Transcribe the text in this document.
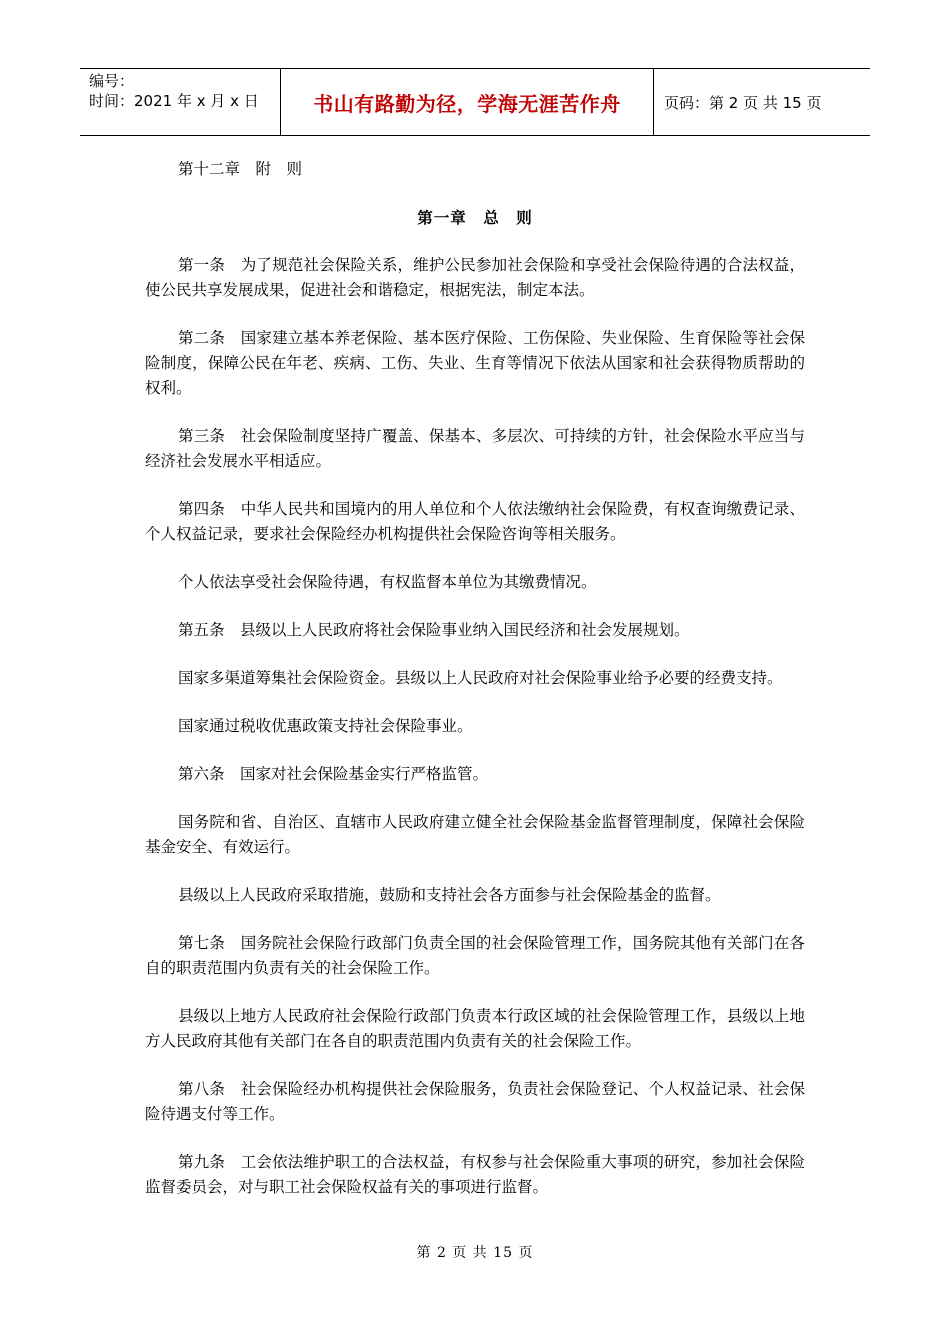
编号：
时间：2021 年 x 月 x 日	书山有路勤为径，学海无涯苦作舟	页码：第 2 页 共 15 页

第十二章　附　则

第一章　总　则

第一条　为了规范社会保险关系，维护公民参加社会保险和享受社会保险待遇的合法权益，使公民共享发展成果，促进社会和谐稳定，根据宪法，制定本法。

第二条　国家建立基本养老保险、基本医疗保险、工伤保险、失业保险、生育保险等社会保险制度，保障公民在年老、疾病、工伤、失业、生育等情况下依法从国家和社会获得物质帮助的权利。

第三条　社会保险制度坚持广覆盖、保基本、多层次、可持续的方针，社会保险水平应当与经济社会发展水平相适应。

第四条　中华人民共和国境内的用人单位和个人依法缴纳社会保险费，有权查询缴费记录、个人权益记录，要求社会保险经办机构提供社会保险咨询等相关服务。

个人依法享受社会保险待遇，有权监督本单位为其缴费情况。

第五条　县级以上人民政府将社会保险事业纳入国民经济和社会发展规划。

国家多渠道筹集社会保险资金。县级以上人民政府对社会保险事业给予必要的经费支持。

国家通过税收优惠政策支持社会保险事业。

第六条　国家对社会保险基金实行严格监管。

国务院和省、自治区、直辖市人民政府建立健全社会保险基金监督管理制度，保障社会保险基金安全、有效运行。

县级以上人民政府采取措施，鼓励和支持社会各方面参与社会保险基金的监督。

第七条　国务院社会保险行政部门负责全国的社会保险管理工作，国务院其他有关部门在各自的职责范围内负责有关的社会保险工作。

县级以上地方人民政府社会保险行政部门负责本行政区域的社会保险管理工作，县级以上地方人民政府其他有关部门在各自的职责范围内负责有关的社会保险工作。

第八条　社会保险经办机构提供社会保险服务，负责社会保险登记、个人权益记录、社会保险待遇支付等工作。

第九条　工会依法维护职工的合法权益，有权参与社会保险重大事项的研究，参加社会保险监督委员会，对与职工社会保险权益有关的事项进行监督。

第 2 页 共 15 页
